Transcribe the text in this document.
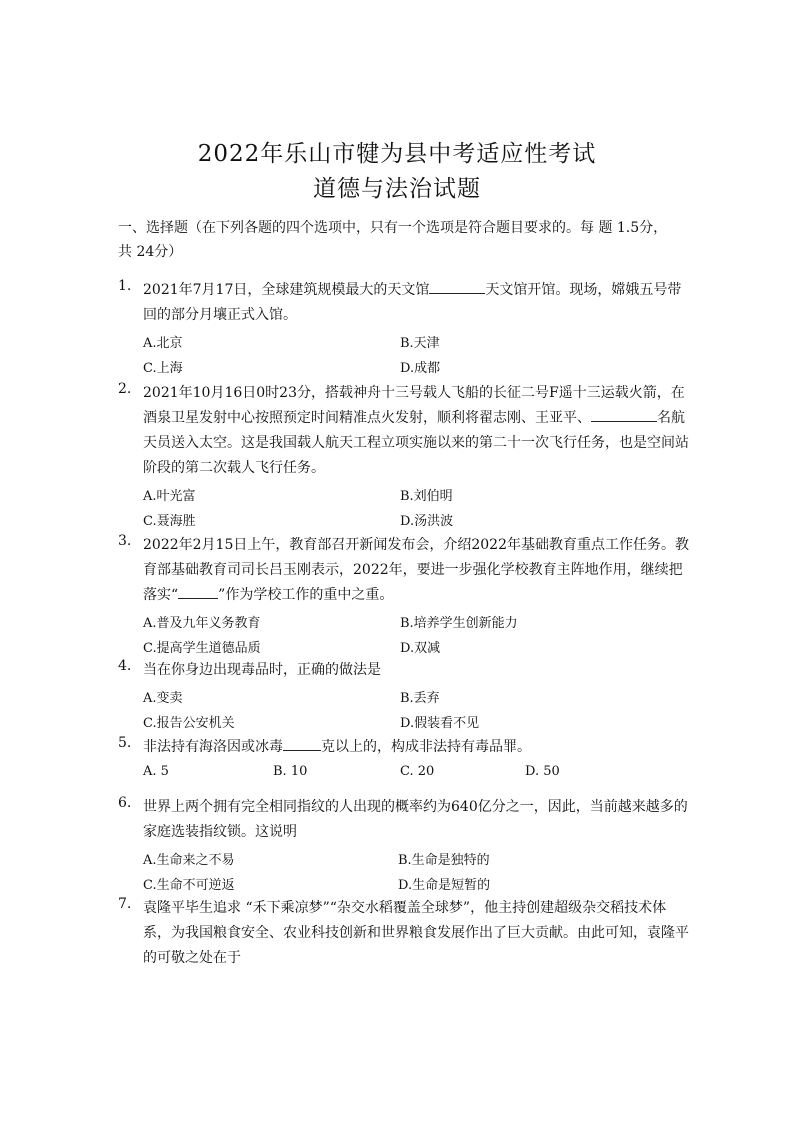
2022年乐山市犍为县中考适应性考试
道德与法治试题
一、选择题（在下列各题的四个选项中，只有一个选项是符合题目要求的。每 题 1.5分，共 24分）
1. 2021年7月17日，全球建筑规模最大的天文馆	天文馆开馆。现场，嫦娥五号带回的部分月壤正式入馆。
A.北京	B.天津
C.上海	D.成都
2. 2021年10月16日0时23分，搭载神舟十三号载人飞船的长征二号F遥十三运载火箭，在酒泉卫星发射中心按照预定时间精准点火发射，顺利将翟志刚、王亚平、	名航天员送入太空。这是我国载人航天工程立项实施以来的第二十一次飞行任务，也是空间站阶段的第二次载人飞行任务。
A.叶光富	B.刘伯明
C.聂海胜	D.汤洪波
3. 2022年2月15日上午，教育部召开新闻发布会，介绍2022年基础教育重点工作任务。教育部基础教育司司长吕玉刚表示，2022年，要进一步强化学校教育主阵地作用，继续把落实“	”作为学校工作的重中之重。
A.普及九年义务教育	B.培养学生创新能力
C.提高学生道德品质	D.双减
4. 当在你身边出现毒品时，正确的做法是
A.变卖	B.丢弃
C.报告公安机关	D.假装看不见
5. 非法持有海洛因或冰毒	克以上的，构成非法持有毒品罪。
A. 5	B. 10	C. 20	D. 50
6. 世界上两个拥有完全相同指纹的人出现的概率约为640亿分之一，因此，当前越来越多的家庭选装指纹锁。这说明
A.生命来之不易	B.生命是独特的
C.生命不可逆返	D.生命是短暂的
7. 袁隆平毕生追求 “禾下乘凉梦”“杂交水稻覆盖全球梦”，他主持创建超级杂交稻技术体系，为我国粮食安全、农业科技创新和世界粮食发展作出了巨大贡献。由此可知，袁隆平的可敬之处在于
